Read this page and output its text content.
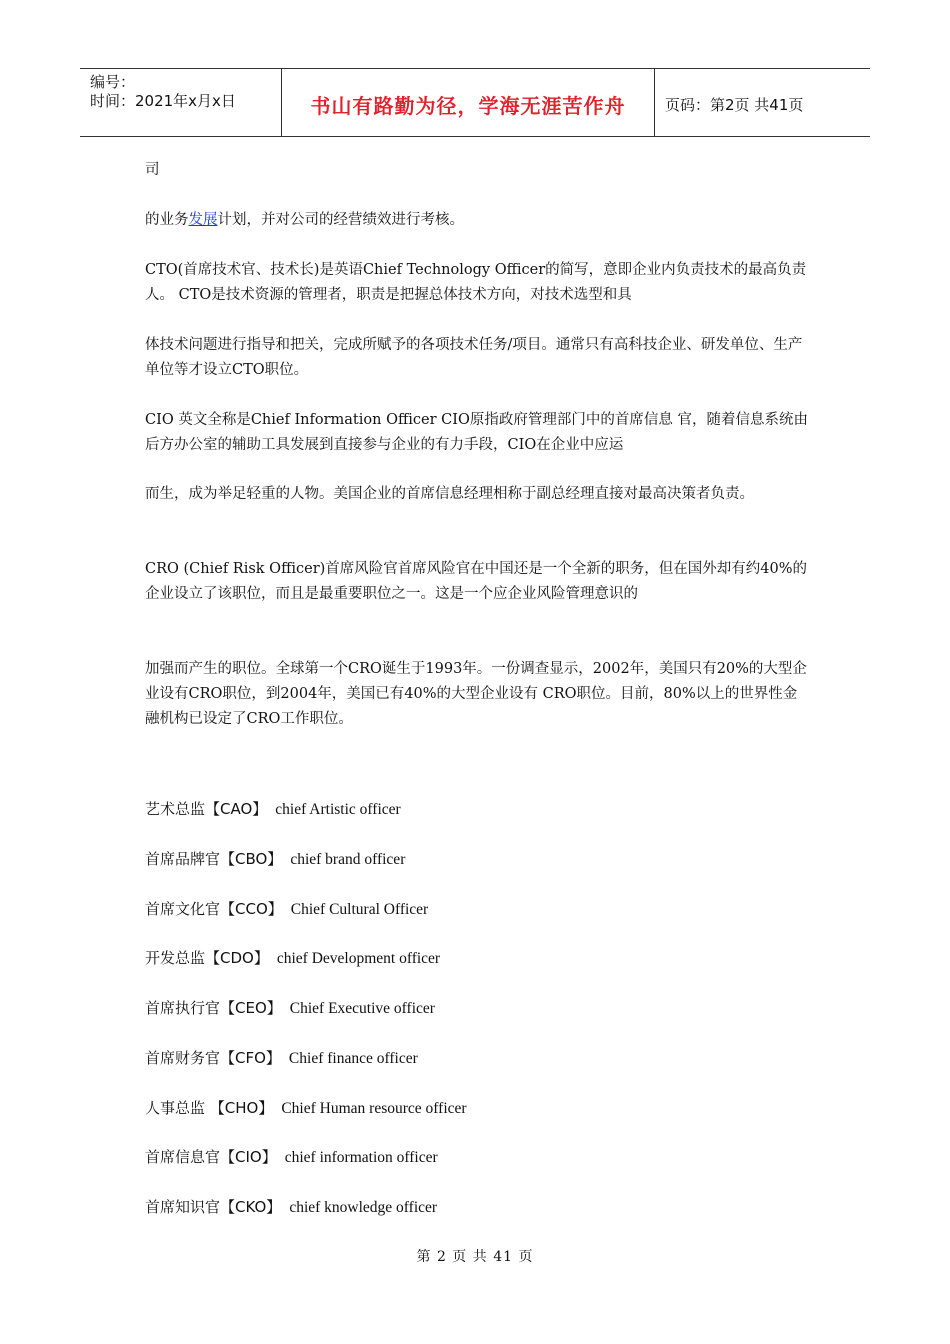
编号：
时间：2021年x月x日	书山有路勤为径，学海无涯苦作舟	页码：第2页 共41页

司

的业务发展计划，并对公司的经营绩效进行考核。

CTO(首席技术官、技术长)是英语Chief Technology Officer的简写，意即企业内负责技术的最高负责人。 CTO是技术资源的管理者，职责是把握总体技术方向，对技术选型和具

体技术问题进行指导和把关，完成所赋予的各项技术任务/项目。通常只有高科技企业、研发单位、生产单位等才设立CTO职位。

CIO 英文全称是Chief Information Officer CIO原指政府管理部门中的首席信息 官，随着信息系统由后方办公室的辅助工具发展到直接参与企业的有力手段，CIO在企业中应运

而生，成为举足轻重的人物。美国企业的首席信息经理相称于副总经理直接对最高决策者负责。

CRO (Chief Risk Officer)首席风险官首席风险官在中国还是一个全新的职务，但在国外却有约40%的企业设立了该职位，而且是最重要职位之一。这是一个应企业风险管理意识的

加强而产生的职位。全球第一个CRO诞生于1993年。一份调查显示，2002年，美国只有20%的大型企业设有CRO职位，到2004年，美国已有40%的大型企业设有 CRO职位。目前，80%以上的世界性金融机构已设定了CRO工作职位。

艺术总监【CAO】 chief Artistic officer
首席品牌官【CBO】 chief brand officer
首席文化官【CCO】 Chief Cultural Officer
开发总监【CDO】 chief Development officer
首席执行官【CEO】 Chief Executive officer
首席财务官【CFO】 Chief finance officer
人事总监 【CHO】 Chief Human resource officer
首席信息官【CIO】 chief information officer
首席知识官【CKO】 chief knowledge officer
第 2 页 共 41 页
